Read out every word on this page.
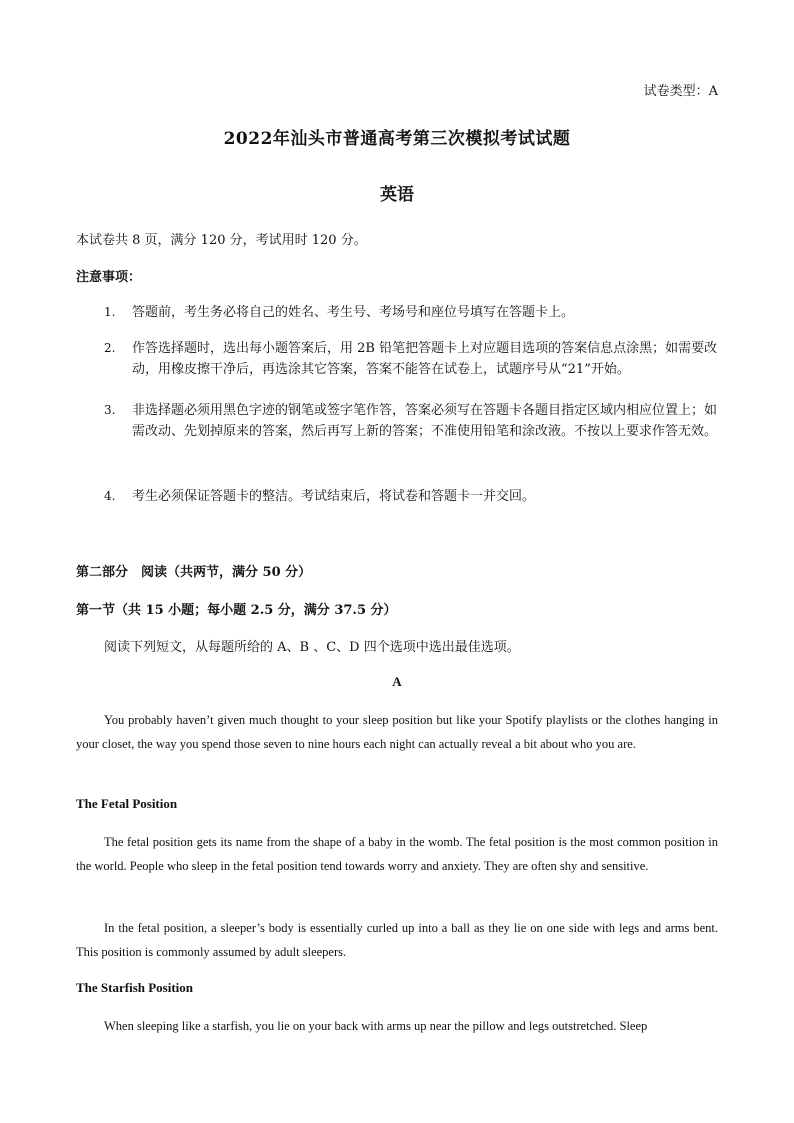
试卷类型：A
2022年汕头市普通高考第三次模拟考试试题
英语
本试卷共 8 页，满分 120 分，考试用时 120 分。
注意事项：
1. 答题前，考生务必将自己的姓名、考生号、考场号和座位号填写在答题卡上。
2. 作答选择题时，选出每小题答案后，用 2B 铅笔把答题卡上对应题目选项的答案信息点涂黑；如需要改动，用橡皮擦干净后，再选涂其它答案，答案不能答在试卷上，试题序号从“21”开始。
3. 非选择题必须用黑色字迹的钢笔或签字笔作答，答案必须写在答题卡各题目指定区域内相应位置上；如需改动、先划掉原来的答案，然后再写上新的答案；不准使用铅笔和涂改液。不按以上要求作答无效。
4. 考生必须保证答题卡的整洁。考试结束后，将试卷和答题卡一并交回。
第二部分　阅读（共两节，满分 50 分）
第一节（共 15 小题；每小题 2.5 分，满分 37.5 分）
阅读下列短文，从每题所给的 A、B 、C、D 四个选项中选出最佳选项。
A
You probably haven’t given much thought to your sleep position but like your Spotify playlists or the clothes hanging in your closet, the way you spend those seven to nine hours each night can actually reveal a bit about who you are.
The Fetal Position
The fetal position gets its name from the shape of a baby in the womb. The fetal position is the most common position in the world. People who sleep in the fetal position tend towards worry and anxiety. They are often shy and sensitive.
In the fetal position, a sleeper’s body is essentially curled up into a ball as they lie on one side with legs and arms bent. This position is commonly assumed by adult sleepers.
The Starfish Position
When sleeping like a starfish, you lie on your back with arms up near the pillow and legs outstretched. Sleep
